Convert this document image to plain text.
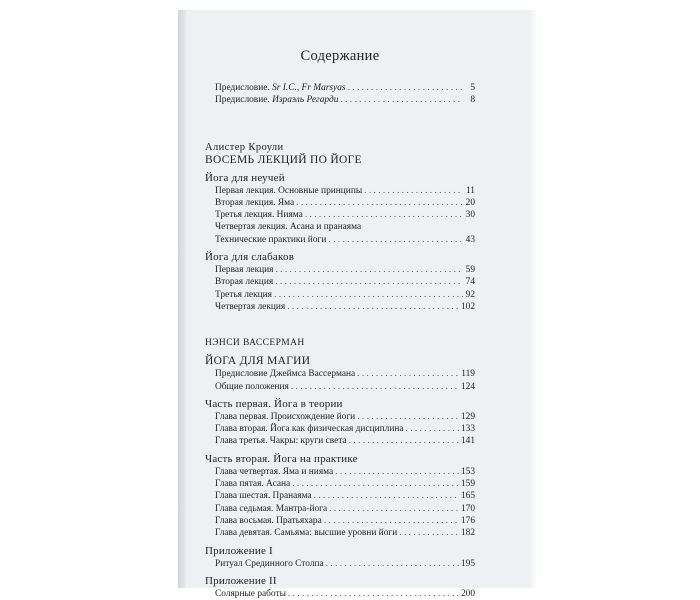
Содержание
Предисловие. Sr I.C., Fr Marsyas . . .	5
Предисловие. Израэль Регарди . . .	8
Алистер Кроули
ВОСЕМЬ ЛЕКЦИЙ ПО ЙОГЕ
Йога для неучей
Первая лекция. Основные принципы . . .	11
Вторая лекция. Яма . . .	20
Третья лекция. Нияма . . .	30
Четвертая лекция. Асана и пранаяма
Технические практики йоги . . .	43
Йога для слабаков
Первая лекция . . .	59
Вторая лекция . . .	74
Третья лекция . . .	92
Четвертая лекция . . .	102
НЭНСИ ВАССЕРМАН
ЙОГА ДЛЯ МАГИИ
Предисловие Джеймса Вассермана . . .	119
Общие положения . . .	124
Часть первая. Йога в теории
Глава первая. Происхождение йоги . . .	129
Глава вторая. Йога как физическая дисциплина . . .	133
Глава третья. Чакры: круги света . . .	141
Часть вторая. Йога на практике
Глава четвертая. Яма и нияма . . .	153
Глава пятая. Асана . . .	159
Глава шестая. Пранаяма . . .	165
Глава седьмая. Мантра-йога . . .	170
Глава восьмая. Пратьяхара . . .	176
Глава девятая. Самьяма: высшие уровни йоги . . .	182
Приложение I
Ритуал Срединного Столпа . . .	195
Приложение II
Солярные работы . . .	200
